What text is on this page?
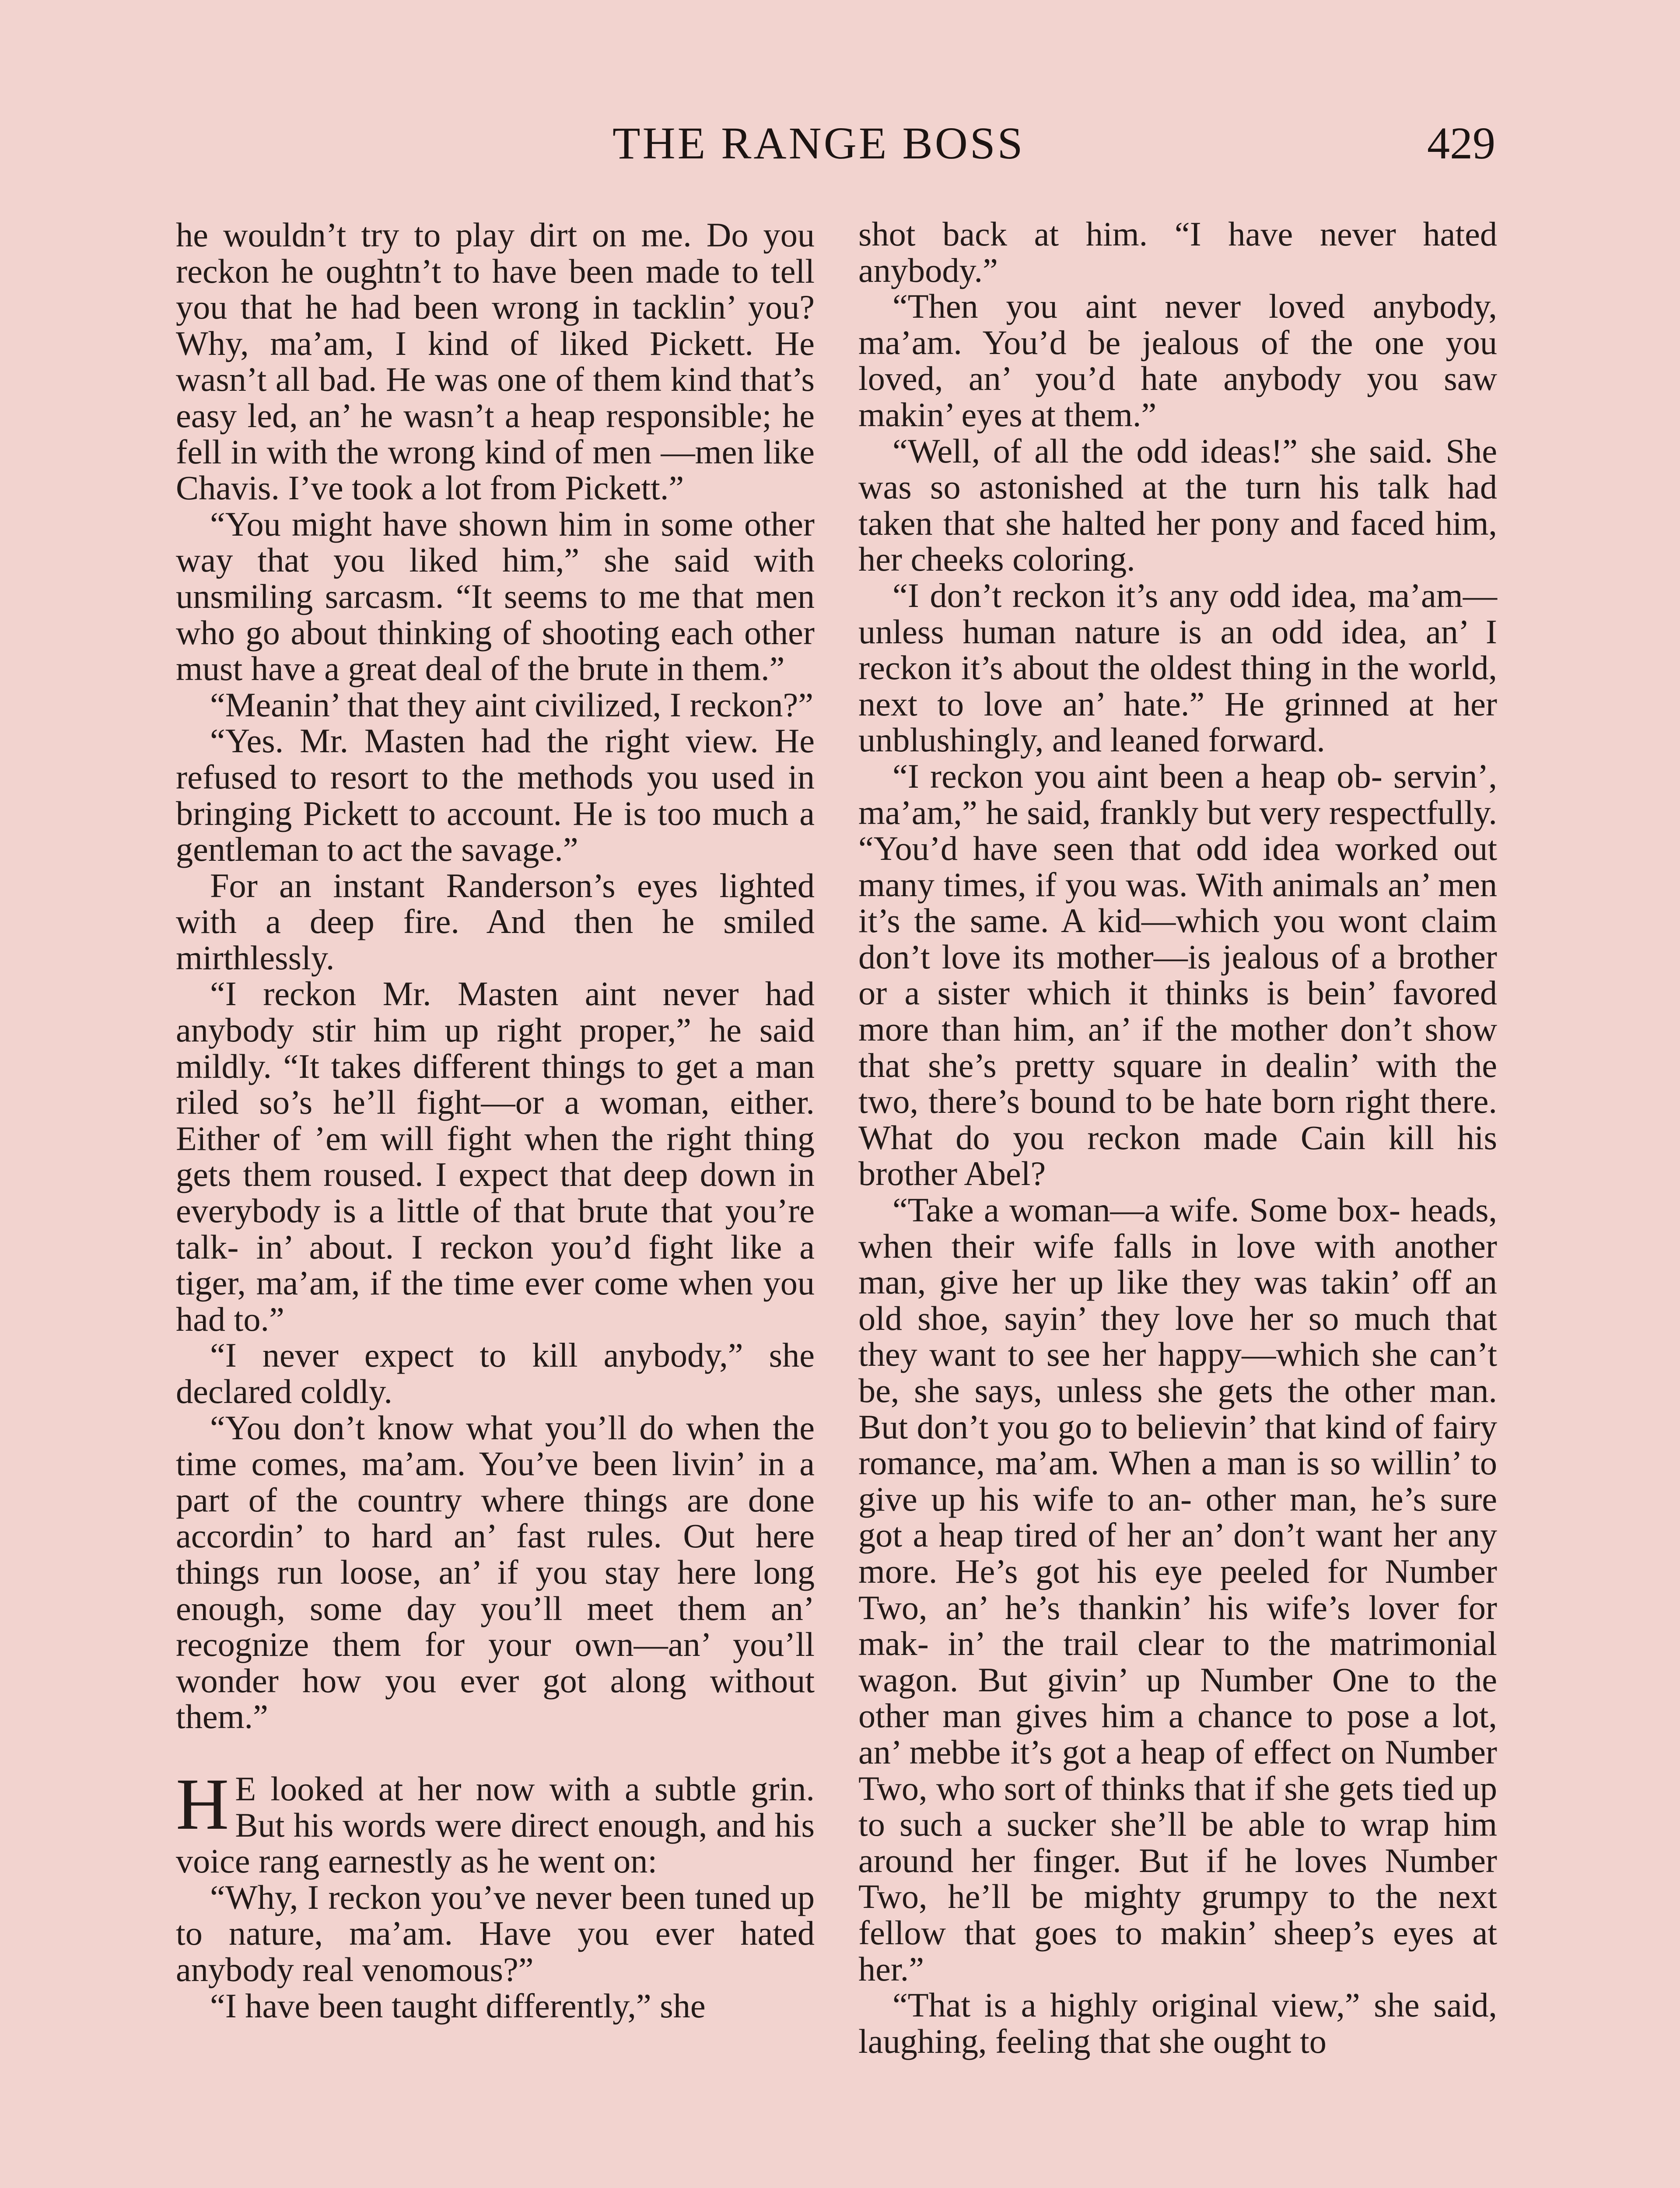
THE RANGE BOSS	429

he wouldn’t try to play dirt on me. Do you reckon he oughtn’t to have been made to tell you that he had been wrong in tacklin’ you? Why, ma’am, I kind of liked Pickett. He wasn’t all bad. He was one of them kind that’s easy led, an’ he wasn’t a heap responsible; he fell in with the wrong kind of men —men like Chavis. I’ve took a lot from Pickett.”

“You might have shown him in some other way that you liked him,” she said with unsmiling sarcasm. “It seems to me that men who go about thinking of shooting each other must have a great deal of the brute in them.”

“Meanin’ that they aint civilized, I reckon?”

“Yes. Mr. Masten had the right view. He refused to resort to the methods you used in bringing Pickett to account. He is too much a gentleman to act the savage.”

For an instant Randerson’s eyes lighted with a deep fire. And then he smiled mirthlessly.

“I reckon Mr. Masten aint never had anybody stir him up right proper,” he said mildly. “It takes different things to get a man riled so’s he’ll fight—or a woman, either. Either of ’em will fight when the right thing gets them roused. I expect that deep down in everybody is a little of that brute that you’re talk- in’ about. I reckon you’d fight like a tiger, ma’am, if the time ever come when you had to.”

“I never expect to kill anybody,” she declared coldly.

“You don’t know what you’ll do when the time comes, ma’am. You’ve been livin’ in a part of the country where things are done accordin’ to hard an’ fast rules. Out here things run loose, an’ if you stay here long enough, some day you’ll meet them an’ recognize them for your own—an’ you’ll wonder how you ever got along without them.”

H E looked at her now with a subtle grin. But his words were direct enough, and his voice rang earnestly as he went on:

“Why, I reckon you’ve never been tuned up to nature, ma’am. Have you ever hated anybody real venomous?”

“I have been taught differently,” she

shot back at him. “I have never hated anybody.”

“Then you aint never loved anybody, ma’am. You’d be jealous of the one you loved, an’ you’d hate anybody you saw makin’ eyes at them.”

“Well, of all the odd ideas!” she said. She was so astonished at the turn his talk had taken that she halted her pony and faced him, her cheeks coloring.

“I don’t reckon it’s any odd idea, ma’am—unless human nature is an odd idea, an’ I reckon it’s about the oldest thing in the world, next to love an’ hate.” He grinned at her unblushingly, and leaned forward.

“I reckon you aint been a heap ob- servin’, ma’am,” he said, frankly but very respectfully. “You’d have seen that odd idea worked out many times, if you was. With animals an’ men it’s the same. A kid—which you wont claim don’t love its mother—is jealous of a brother or a sister which it thinks is bein’ favored more than him, an’ if the mother don’t show that she’s pretty square in dealin’ with the two, there’s bound to be hate born right there. What do you reckon made Cain kill his brother Abel?

“Take a woman—a wife. Some box- heads, when their wife falls in love with another man, give her up like they was takin’ off an old shoe, sayin’ they love her so much that they want to see her happy—which she can’t be, she says, unless she gets the other man. But don’t you go to believin’ that kind of fairy romance, ma’am. When a man is so willin’ to give up his wife to an- other man, he’s sure got a heap tired of her an’ don’t want her any more. He’s got his eye peeled for Number Two, an’ he’s thankin’ his wife’s lover for mak- in’ the trail clear to the matrimonial wagon. But givin’ up Number One to the other man gives him a chance to pose a lot, an’ mebbe it’s got a heap of effect on Number Two, who sort of thinks that if she gets tied up to such a sucker she’ll be able to wrap him around her finger. But if he loves Number Two, he’ll be mighty grumpy to the next fellow that goes to makin’ sheep’s eyes at her.”

“That is a highly original view,” she said, laughing, feeling that she ought to
